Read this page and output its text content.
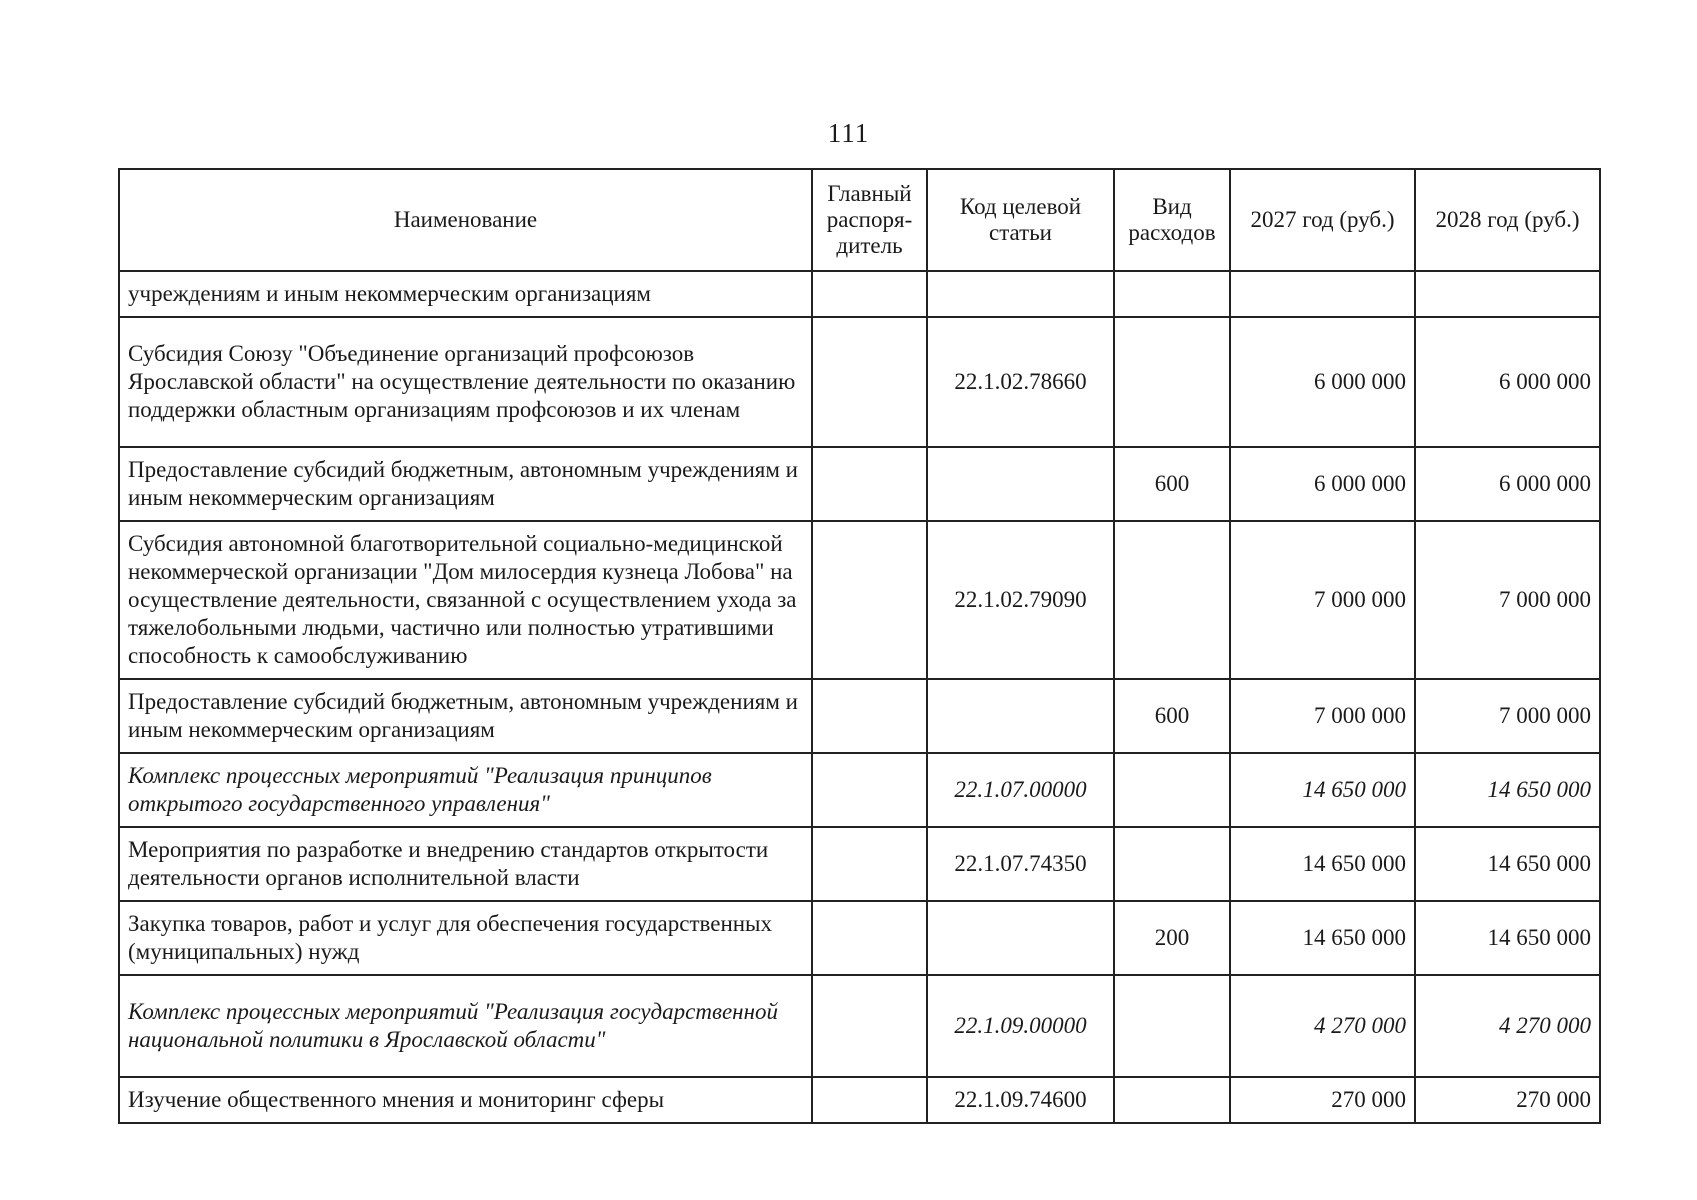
111
Наименование	Главный распоря-дитель	Код целевой статьи	Вид расходов	2027 год (руб.)	2028 год (руб.)
учреждениям и иным некоммерческим организациям					
Субсидия Союзу "Объединение организаций профсоюзов Ярославской области" на осуществление деятельности по оказанию поддержки областным организациям профсоюзов и их членам		22.1.02.78660		6 000 000	6 000 000
Предоставление субсидий бюджетным, автономным учреждениям и иным некоммерческим организациям			600	6 000 000	6 000 000
Субсидия автономной благотворительной социально-медицинской некоммерческой организации "Дом милосердия кузнеца Лобова" на осуществление деятельности, связанной с осуществлением ухода за тяжелобольными людьми, частично или полностью утратившими способность к самообслуживанию		22.1.02.79090		7 000 000	7 000 000
Предоставление субсидий бюджетным, автономным учреждениям и иным некоммерческим организациям			600	7 000 000	7 000 000
Комплекс процессных мероприятий "Реализация принципов открытого государственного управления"		22.1.07.00000		14 650 000	14 650 000
Мероприятия по разработке и внедрению стандартов открытости деятельности органов исполнительной власти		22.1.07.74350		14 650 000	14 650 000
Закупка товаров, работ и услуг для обеспечения государственных (муниципальных) нужд			200	14 650 000	14 650 000
Комплекс процессных мероприятий "Реализация государственной национальной политики в Ярославской области"		22.1.09.00000		4 270 000	4 270 000
Изучение общественного мнения и мониторинг сферы		22.1.09.74600		270 000	270 000
